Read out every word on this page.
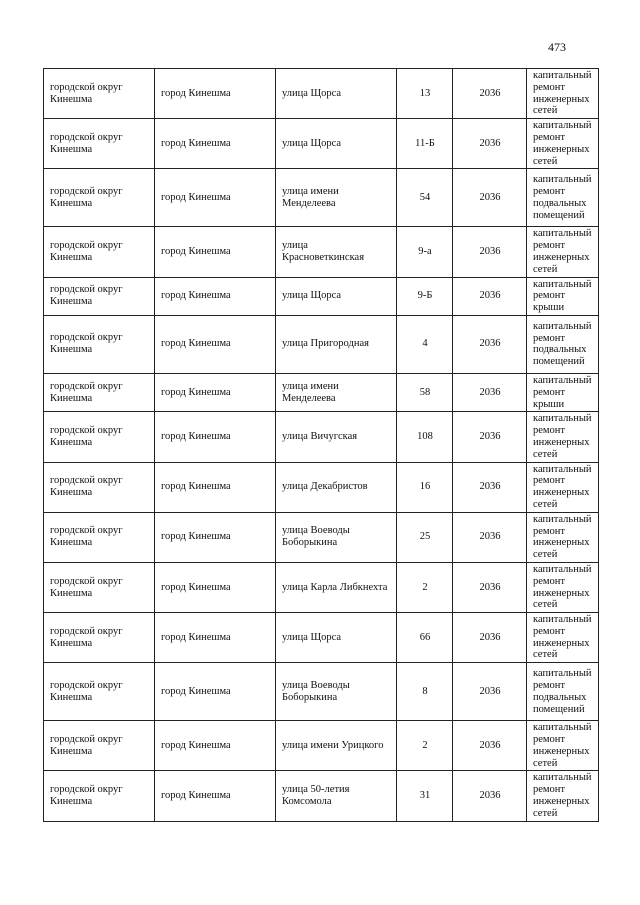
473
городской округ Кинешма	город Кинешма	улица Щорса	13	2036	капитальный ремонт инженерных сетей
городской округ Кинешма	город Кинешма	улица Щорса	11-Б	2036	капитальный ремонт инженерных сетей
городской округ Кинешма	город Кинешма	улица имени Менделеева	54	2036	капитальный ремонт подвальных помещений
городской округ Кинешма	город Кинешма	улица Красноветкинская	9-а	2036	капитальный ремонт инженерных сетей
городской округ Кинешма	город Кинешма	улица Щорса	9-Б	2036	капитальный ремонт крыши
городской округ Кинешма	город Кинешма	улица Пригородная	4	2036	капитальный ремонт подвальных помещений
городской округ Кинешма	город Кинешма	улица имени Менделеева	58	2036	капитальный ремонт крыши
городской округ Кинешма	город Кинешма	улица Вичугская	108	2036	капитальный ремонт инженерных сетей
городской округ Кинешма	город Кинешма	улица Декабристов	16	2036	капитальный ремонт инженерных сетей
городской округ Кинешма	город Кинешма	улица Воеводы Боборыкина	25	2036	капитальный ремонт инженерных сетей
городской округ Кинешма	город Кинешма	улица Карла Либкнехта	2	2036	капитальный ремонт инженерных сетей
городской округ Кинешма	город Кинешма	улица Щорса	66	2036	капитальный ремонт инженерных сетей
городской округ Кинешма	город Кинешма	улица Воеводы Боборыкина	8	2036	капитальный ремонт подвальных помещений
городской округ Кинешма	город Кинешма	улица имени Урицкого	2	2036	капитальный ремонт инженерных сетей
городской округ Кинешма	город Кинешма	улица 50-летия Комсомола	31	2036	капитальный ремонт инженерных сетей
